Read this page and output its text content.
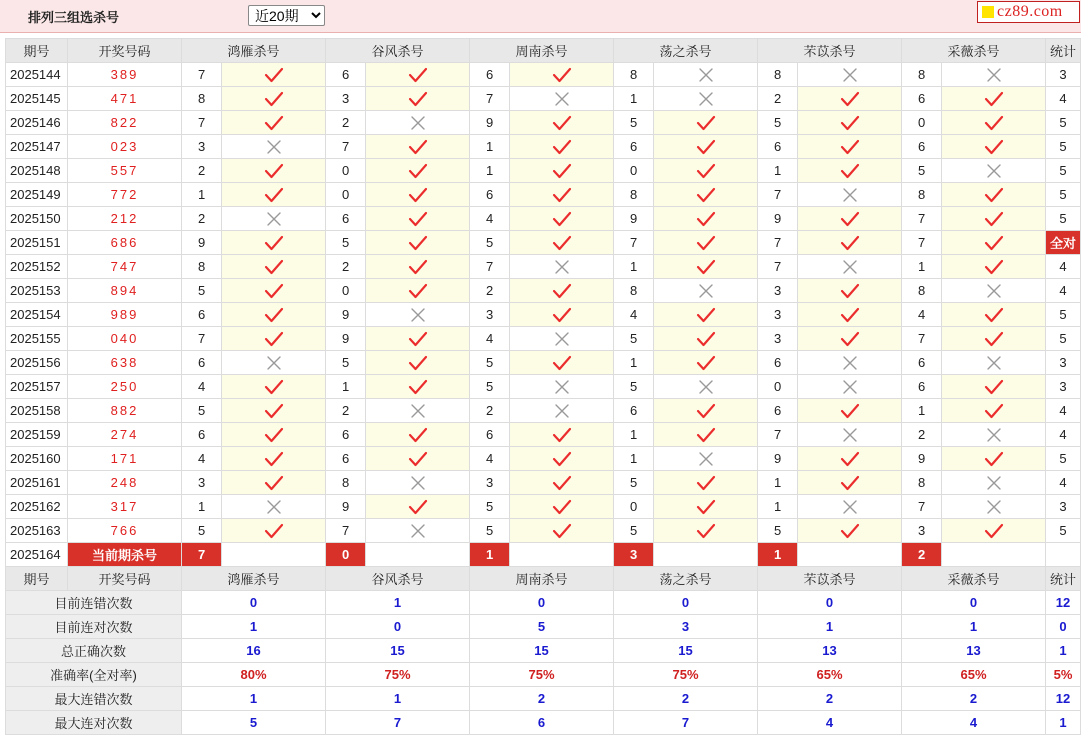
排列三组选杀号
近20期	cz89.com
期号	开奖号码	鸿雁杀号		谷风杀号		周南杀号		荡之杀号		芣苡杀号		采薇杀号		统计
2025144	389	7		6		6		8		8		8		3
2025145	471	8		3		7		1		2		6		4
2025146	822	7		2		9		5		5		0		5
2025147	023	3		7		1		6		6		6		5
2025148	557	2		0		1		0		1		5		5
2025149	772	1		0		6		8		7		8		5
2025150	212	2		6		4		9		9		7		5
2025151	686	9		5		5		7		7		7		全对
2025152	747	8		2		7		1		7		1		4
2025153	894	5		0		2		8		3		8		4
2025154	989	6		9		3		4		3		4		5
2025155	040	7		9		4		5		3		7		5
2025156	638	6		5		5		1		6		6		3
2025157	250	4		1		5		5		0		6		3
2025158	882	5		2		2		6		6		1		4
2025159	274	6		6		6		1		7		2		4
2025160	171	4		6		4		1		9		9		5
2025161	248	3		8		3		5		1		8		4
2025162	317	1		9		5		0		1		7		3
2025163	766	5		7		5		5		5		3		5
2025164	当前期杀号	7		0		1		3		1		2		
期号	开奖号码	鸿雁杀号		谷风杀号		周南杀号		荡之杀号		芣苡杀号		采薇杀号		统计
目前连错次数		0		1		0		0		0		0		12
目前连对次数		1		0		5		3		1		1		0
总正确次数		16		15		15		15		13		13		1
准确率(全对率)		80%		75%		75%		75%		65%		65%		5%
最大连错次数		1		1		2		2		2		2		12
最大连对次数		5		7		6		7		4		4		1
